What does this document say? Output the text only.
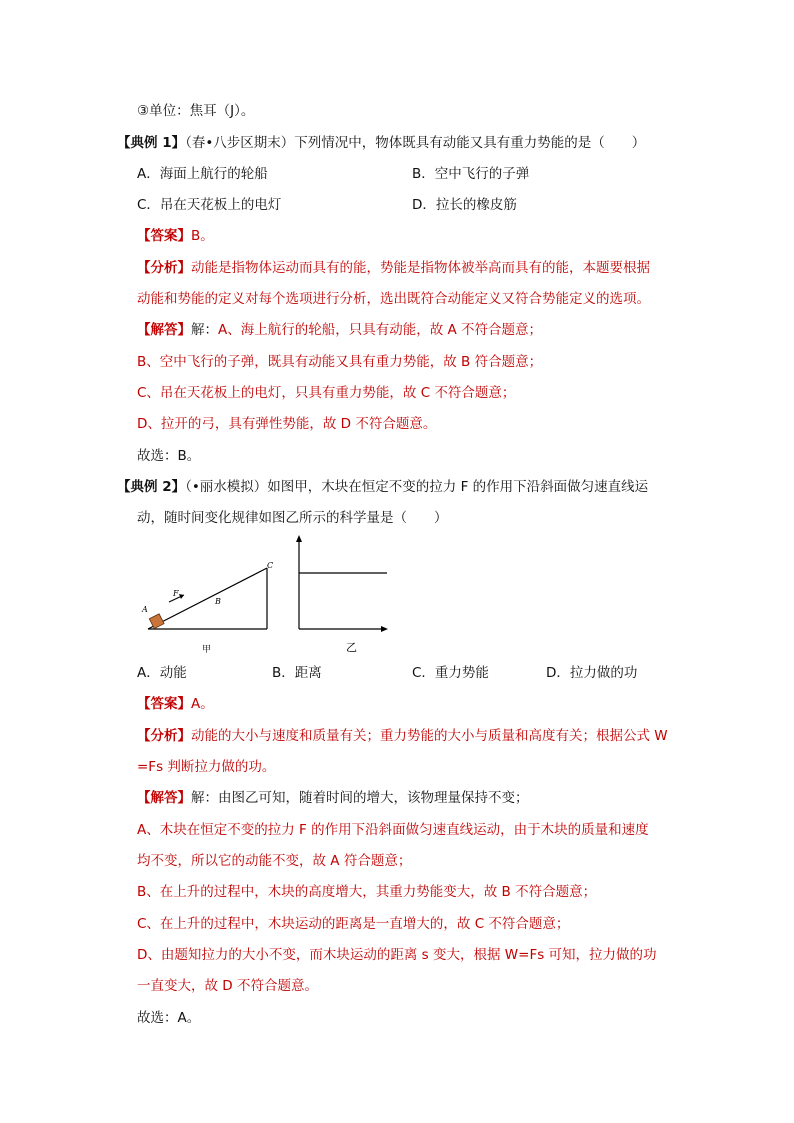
③单位：焦耳（J）。
【典例 1】（春•八步区期末）下列情况中，物体既具有动能又具有重力势能的是（　　）
A．海面上航行的轮船	B．空中飞行的子弹
C．吊在天花板上的电灯	D．拉长的橡皮筋
【答案】B。
【分析】动能是指物体运动而具有的能，势能是指物体被举高而具有的能，本题要根据
动能和势能的定义对每个选项进行分析，选出既符合动能定义又符合势能定义的选项。
【解答】解：A、海上航行的轮船，只具有动能，故 A 不符合题意；
B、空中飞行的子弹，既具有动能又具有重力势能，故 B 符合题意；
C、吊在天花板上的电灯，只具有重力势能，故 C 不符合题意；
D、拉开的弓，具有弹性势能，故 D 不符合题意。
故选：B。
【典例 2】（•丽水模拟）如图甲，木块在恒定不变的拉力 F 的作用下沿斜面做匀速直线运
动，随时间变化规律如图乙所示的科学量是（　　）
F
A
B
C
甲	乙
A．动能	B．距离	C．重力势能	D．拉力做的功
【答案】A。
【分析】动能的大小与速度和质量有关；重力势能的大小与质量和高度有关；根据公式 W
=Fs 判断拉力做的功。
【解答】解：由图乙可知，随着时间的增大，该物理量保持不变；
A、木块在恒定不变的拉力 F 的作用下沿斜面做匀速直线运动，由于木块的质量和速度
均不变，所以它的动能不变，故 A 符合题意；
B、在上升的过程中，木块的高度增大，其重力势能变大，故 B 不符合题意；
C、在上升的过程中，木块运动的距离是一直增大的，故 C 不符合题意；
D、由题知拉力的大小不变，而木块运动的距离 s 变大，根据 W=Fs 可知，拉力做的功
一直变大，故 D 不符合题意。
故选：A。
